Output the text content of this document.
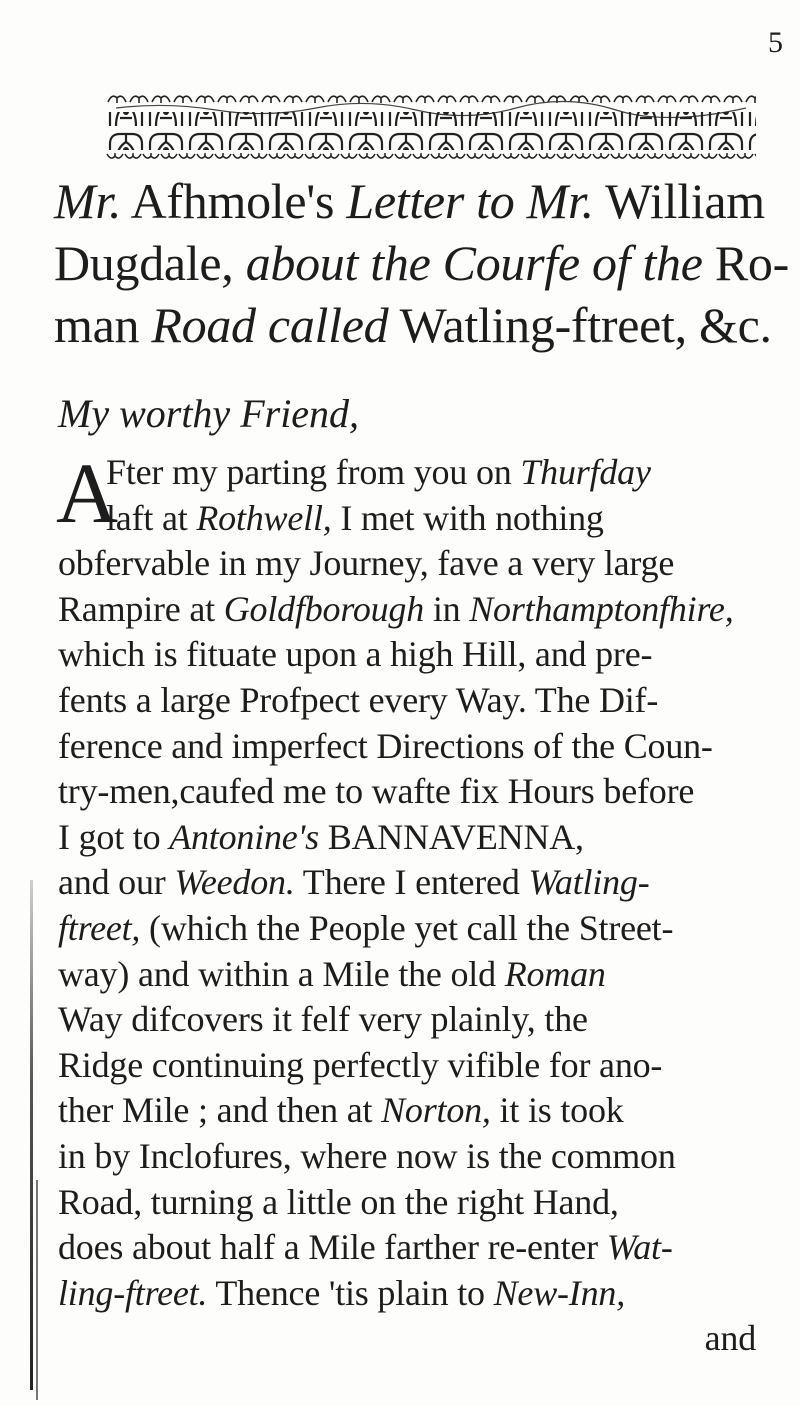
5
Mr. Afhmole's Letter to Mr. William
Dugdale, about the Courfe of the Ro-
man Road called Watling-ftreet, &c.

My worthy Friend,

A
Fter my parting from you on Thurfday
laft at Rothwell, I met with nothing
obfervable in my Journey, fave a very large
Rampire at Goldfborough in Northamptonfhire,
which is fituate upon a high Hill, and pre-
fents a large Profpect every Way. The Dif-
ference and imperfect Directions of the Coun-
try-men,caufed me to wafte fix Hours before
I got to Antonine's BANNAVENNA,
and our Weedon. There I entered Watling-
ftreet, (which the People yet call the Street-
way) and within a Mile the old Roman
Way difcovers it felf very plainly, the
Ridge continuing perfectly vifible for ano-
ther Mile ; and then at Norton, it is took
in by Inclofures, where now is the common
Road, turning a little on the right Hand,
does about half a Mile farther re-enter Wat-
ling-ftreet. Thence 'tis plain to New-Inn,
and
